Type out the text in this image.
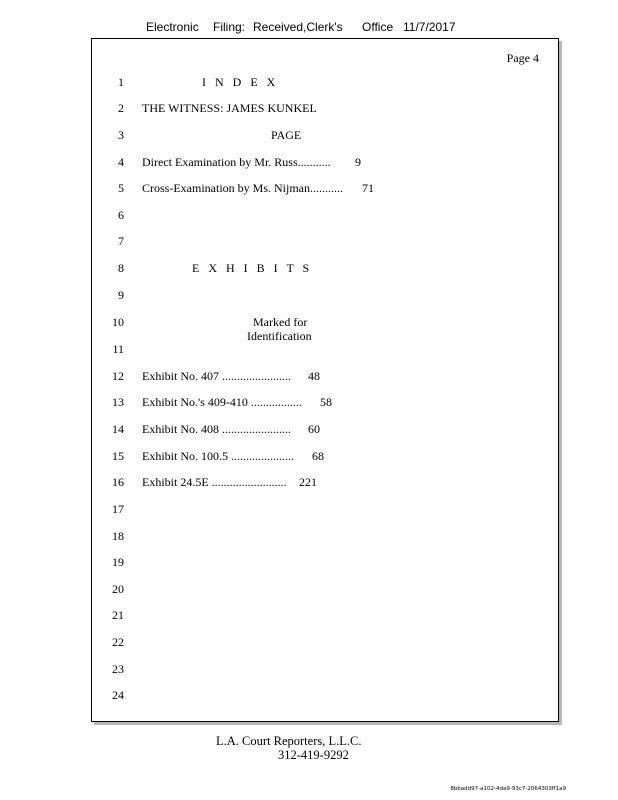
Electronic Filing: Received,Clerk's Office 11/7/2017
Page 4
1
2
3
4
5
6
7
8
9
10
11
12
13
14
15
16
17
18
19
20
21
22
23
24
I N D E X
THE WITNESS: JAMES KUNKEL
PAGE
Direct Examination by Mr. Russ........... 9
Cross-Examination by Ms. Nijman........... 71
E X H I B I T S
Marked for
Identification
Exhibit No. 407 ....................... 48
Exhibit No.'s 409-410 ................. 58
Exhibit No. 408 ....................... 60
Exhibit No. 100.5 ..................... 68
Exhibit 24.5E ......................... 221
L.A. Court Reporters, L.L.C.
312-419-9292
8bbadd97-a102-4da9-93c7-2064303ff1a9
